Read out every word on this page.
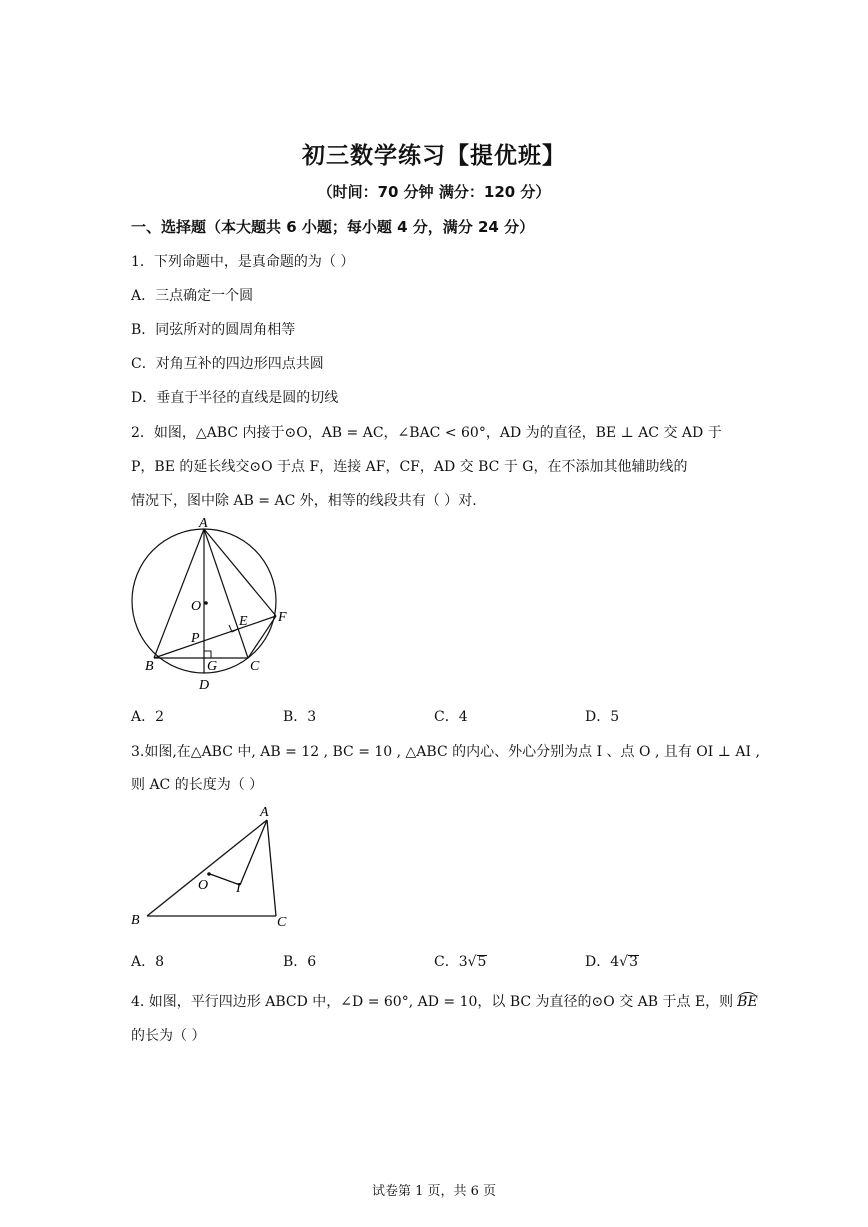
初三数学练习【提优班】
（时间：70 分钟 满分：120 分）
一、选择题（本大题共 6 小题；每小题 4 分，满分 24 分）
1．下列命题中，是真命题的为（ ）
A．三点确定一个圆
B．同弦所对的圆周角相等
C．对角互补的四边形四点共圆
D．垂直于半径的直线是圆的切线
2．如图，△ABC 内接于⊙O，AB = AC，∠BAC < 60°，AD 为的直径，BE ⊥ AC 交 AD 于
P，BE 的延长线交⊙O 于点 F，连接 AF，CF，AD 交 BC 于 G，在不添加其他辅助线的
情况下，图中除 AB = AC 外，相等的线段共有（ ）对.
A
O
E F
P
B	G C
D
A．2	B．3	C．4	D．5
3.如图,在△ABC 中, AB = 12 , BC = 10 , △ABC 的内心、外心分别为点 I 、点 O , 且有 OI ⊥ AI ,
则 AC 的长度为（ ）
A
O I
B	C
A．8	B．6	C．3√5	D．4√3
4. 如图，平行四边形 ABCD 中，∠D = 60°, AD = 10，以 BC 为直径的⊙O 交 AB 于点 E，则 BE
的长为（ ）
试卷第 1 页，共 6 页
